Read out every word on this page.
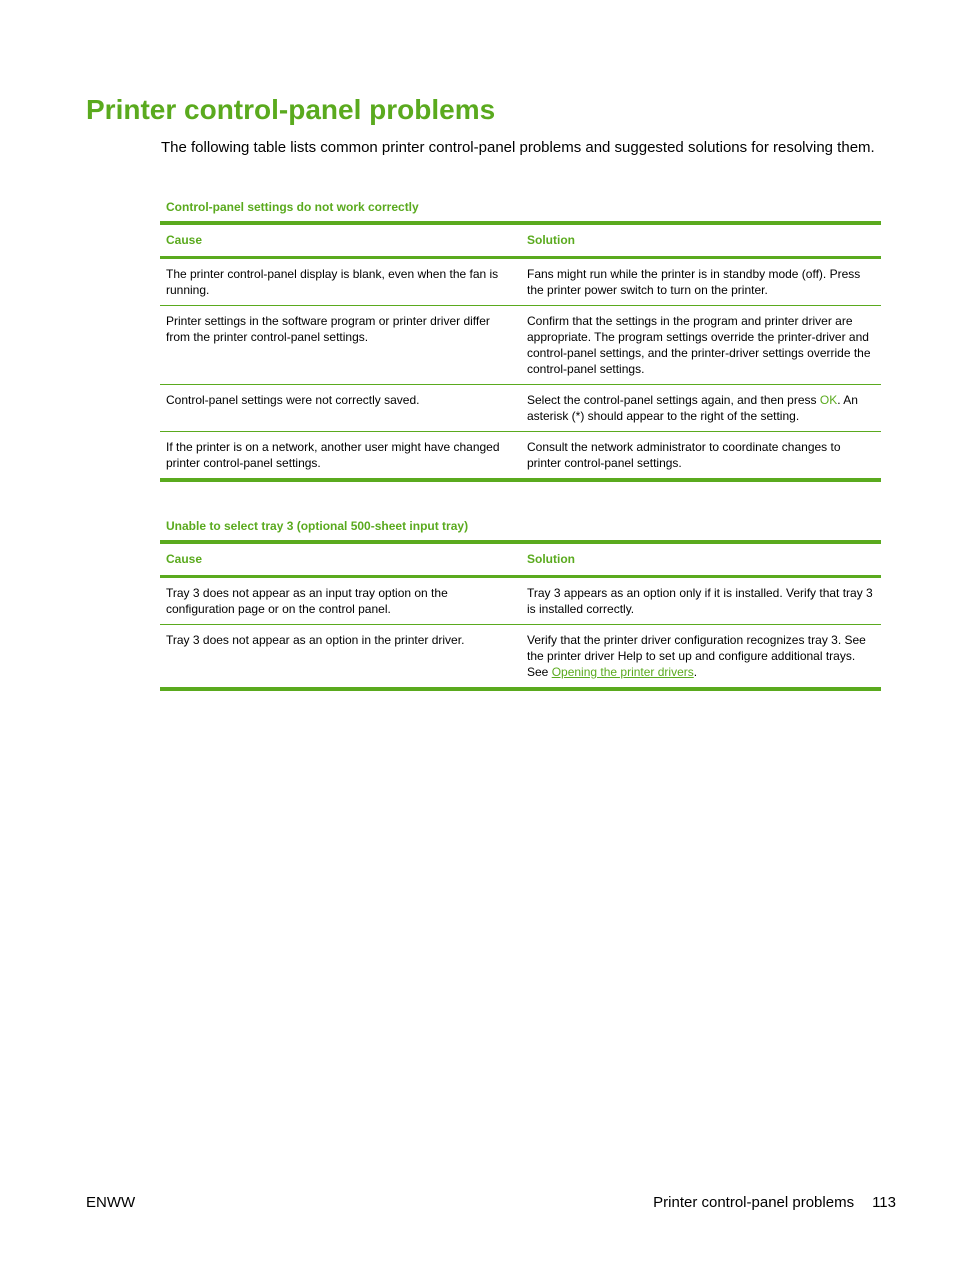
Printer control-panel problems

The following table lists common printer control-panel problems and suggested solutions for resolving them.

Control-panel settings do not work correctly
Cause	Solution
The printer control-panel display is blank, even when the fan is running.	Fans might run while the printer is in standby mode (off). Press the printer power switch to turn on the printer.
Printer settings in the software program or printer driver differ from the printer control-panel settings.	Confirm that the settings in the program and printer driver are appropriate. The program settings override the printer-driver and control-panel settings, and the printer-driver settings override the control-panel settings.
Control-panel settings were not correctly saved.	Select the control-panel settings again, and then press OK. An asterisk (*) should appear to the right of the setting.
If the printer is on a network, another user might have changed printer control-panel settings.	Consult the network administrator to coordinate changes to printer control-panel settings.
Unable to select tray 3 (optional 500-sheet input tray)
Cause	Solution
Tray 3 does not appear as an input tray option on the configuration page or on the control panel.	Tray 3 appears as an option only if it is installed. Verify that tray 3 is installed correctly.
Tray 3 does not appear as an option in the printer driver.	Verify that the printer driver configuration recognizes tray 3. See the printer driver Help to set up and configure additional trays. See Opening the printer drivers.
ENWW	Printer control-panel problems 113
